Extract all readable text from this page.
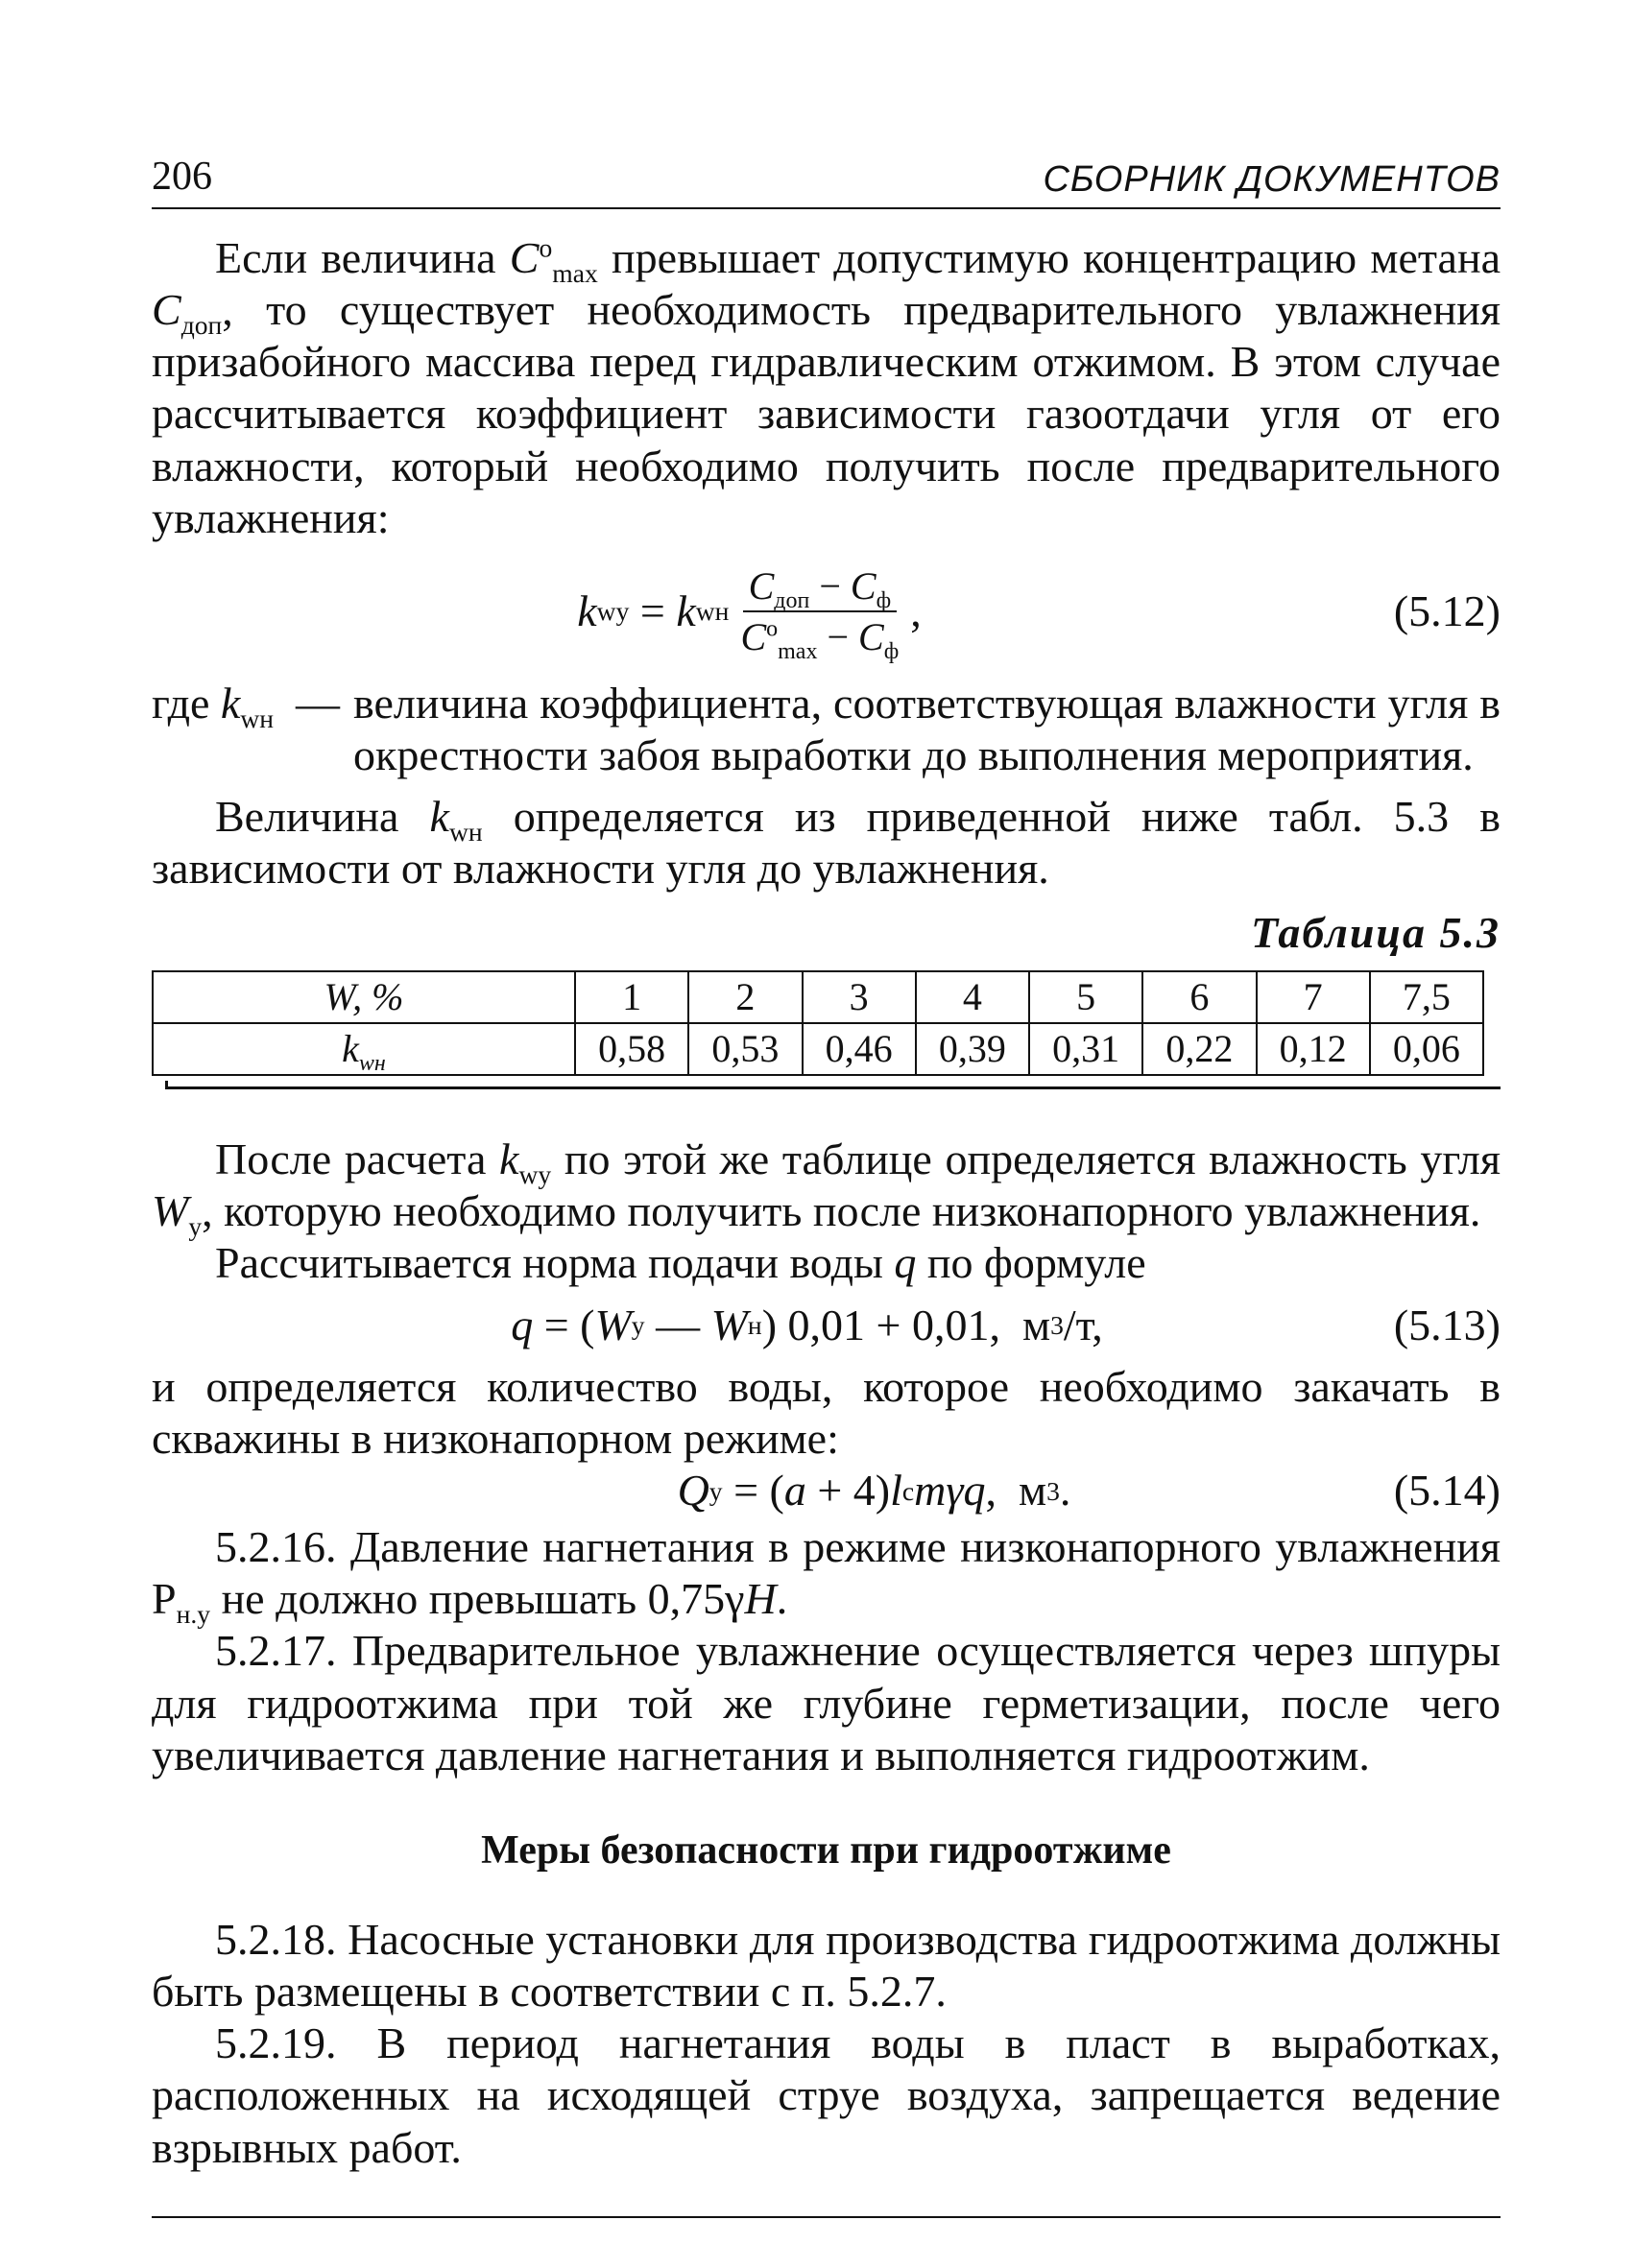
206	СБОРНИК ДОКУМЕНТОВ

Если величина $C^o_{max}$ превышает допустимую концентрацию метана $C_{доп}$, то существует необходимость предварительного увлажнения призабойного массива перед гидравлическим отжимом. В этом случае рассчитывается коэффициент зависимости газоотдачи угля от его влажности, который необходимо получить после предварительного увлажнения:

k wy = k wн $\frac{C_{доп} - C_ф}{C^o_{max} - C_ф}$ ,	(5.12)
где $k_{wн}$ — величина коэффициента, соответствующая влажности угля в окрестности забоя выработки до выполнения мероприятия.

Величина $k_{wн}$ определяется из приведенной ниже табл. 5.3 в зависимости от влажности угля до увлажнения.

Таблица 5.3
W, %	1	2	3	4	5	6	7	7,5
$k_{wн}$	0,58	0,53	0,46	0,39	0,31	0,22	0,12	0,06

После расчета $k_{wy}$ по этой же таблице определяется влажность угля $W_y$, которую необходимо получить после низконапорного увлажнения.

Рассчитывается норма подачи воды q по формуле

q = ( W у — W н ) 0,01 + 0,01,  м 3 /т,	(5.13)

и определяется количество воды, которое необходимо закачать в скважины в низконапорном режиме:

Q у = ( a + 4) l с mγq ,  м 3 .	(5.14)

5.2.16. Давление нагнетания в режиме низконапорного увлажнения $Р_{н.у}$ не должно превышать 0,75γH.

5.2.17. Предварительное увлажнение осуществляется через шпуры для гидроотжима при той же глубине герметизации, после чего увеличивается давление нагнетания и выполняется гидроотжим.

Меры безопасности при гидроотжиме

5.2.18. Насосные установки для производства гидроотжима должны быть размещены в соответствии с п. 5.2.7.

5.2.19. В период нагнетания воды в пласт в выработках, расположенных на исходящей струе воздуха, запрещается ведение взрывных работ.
